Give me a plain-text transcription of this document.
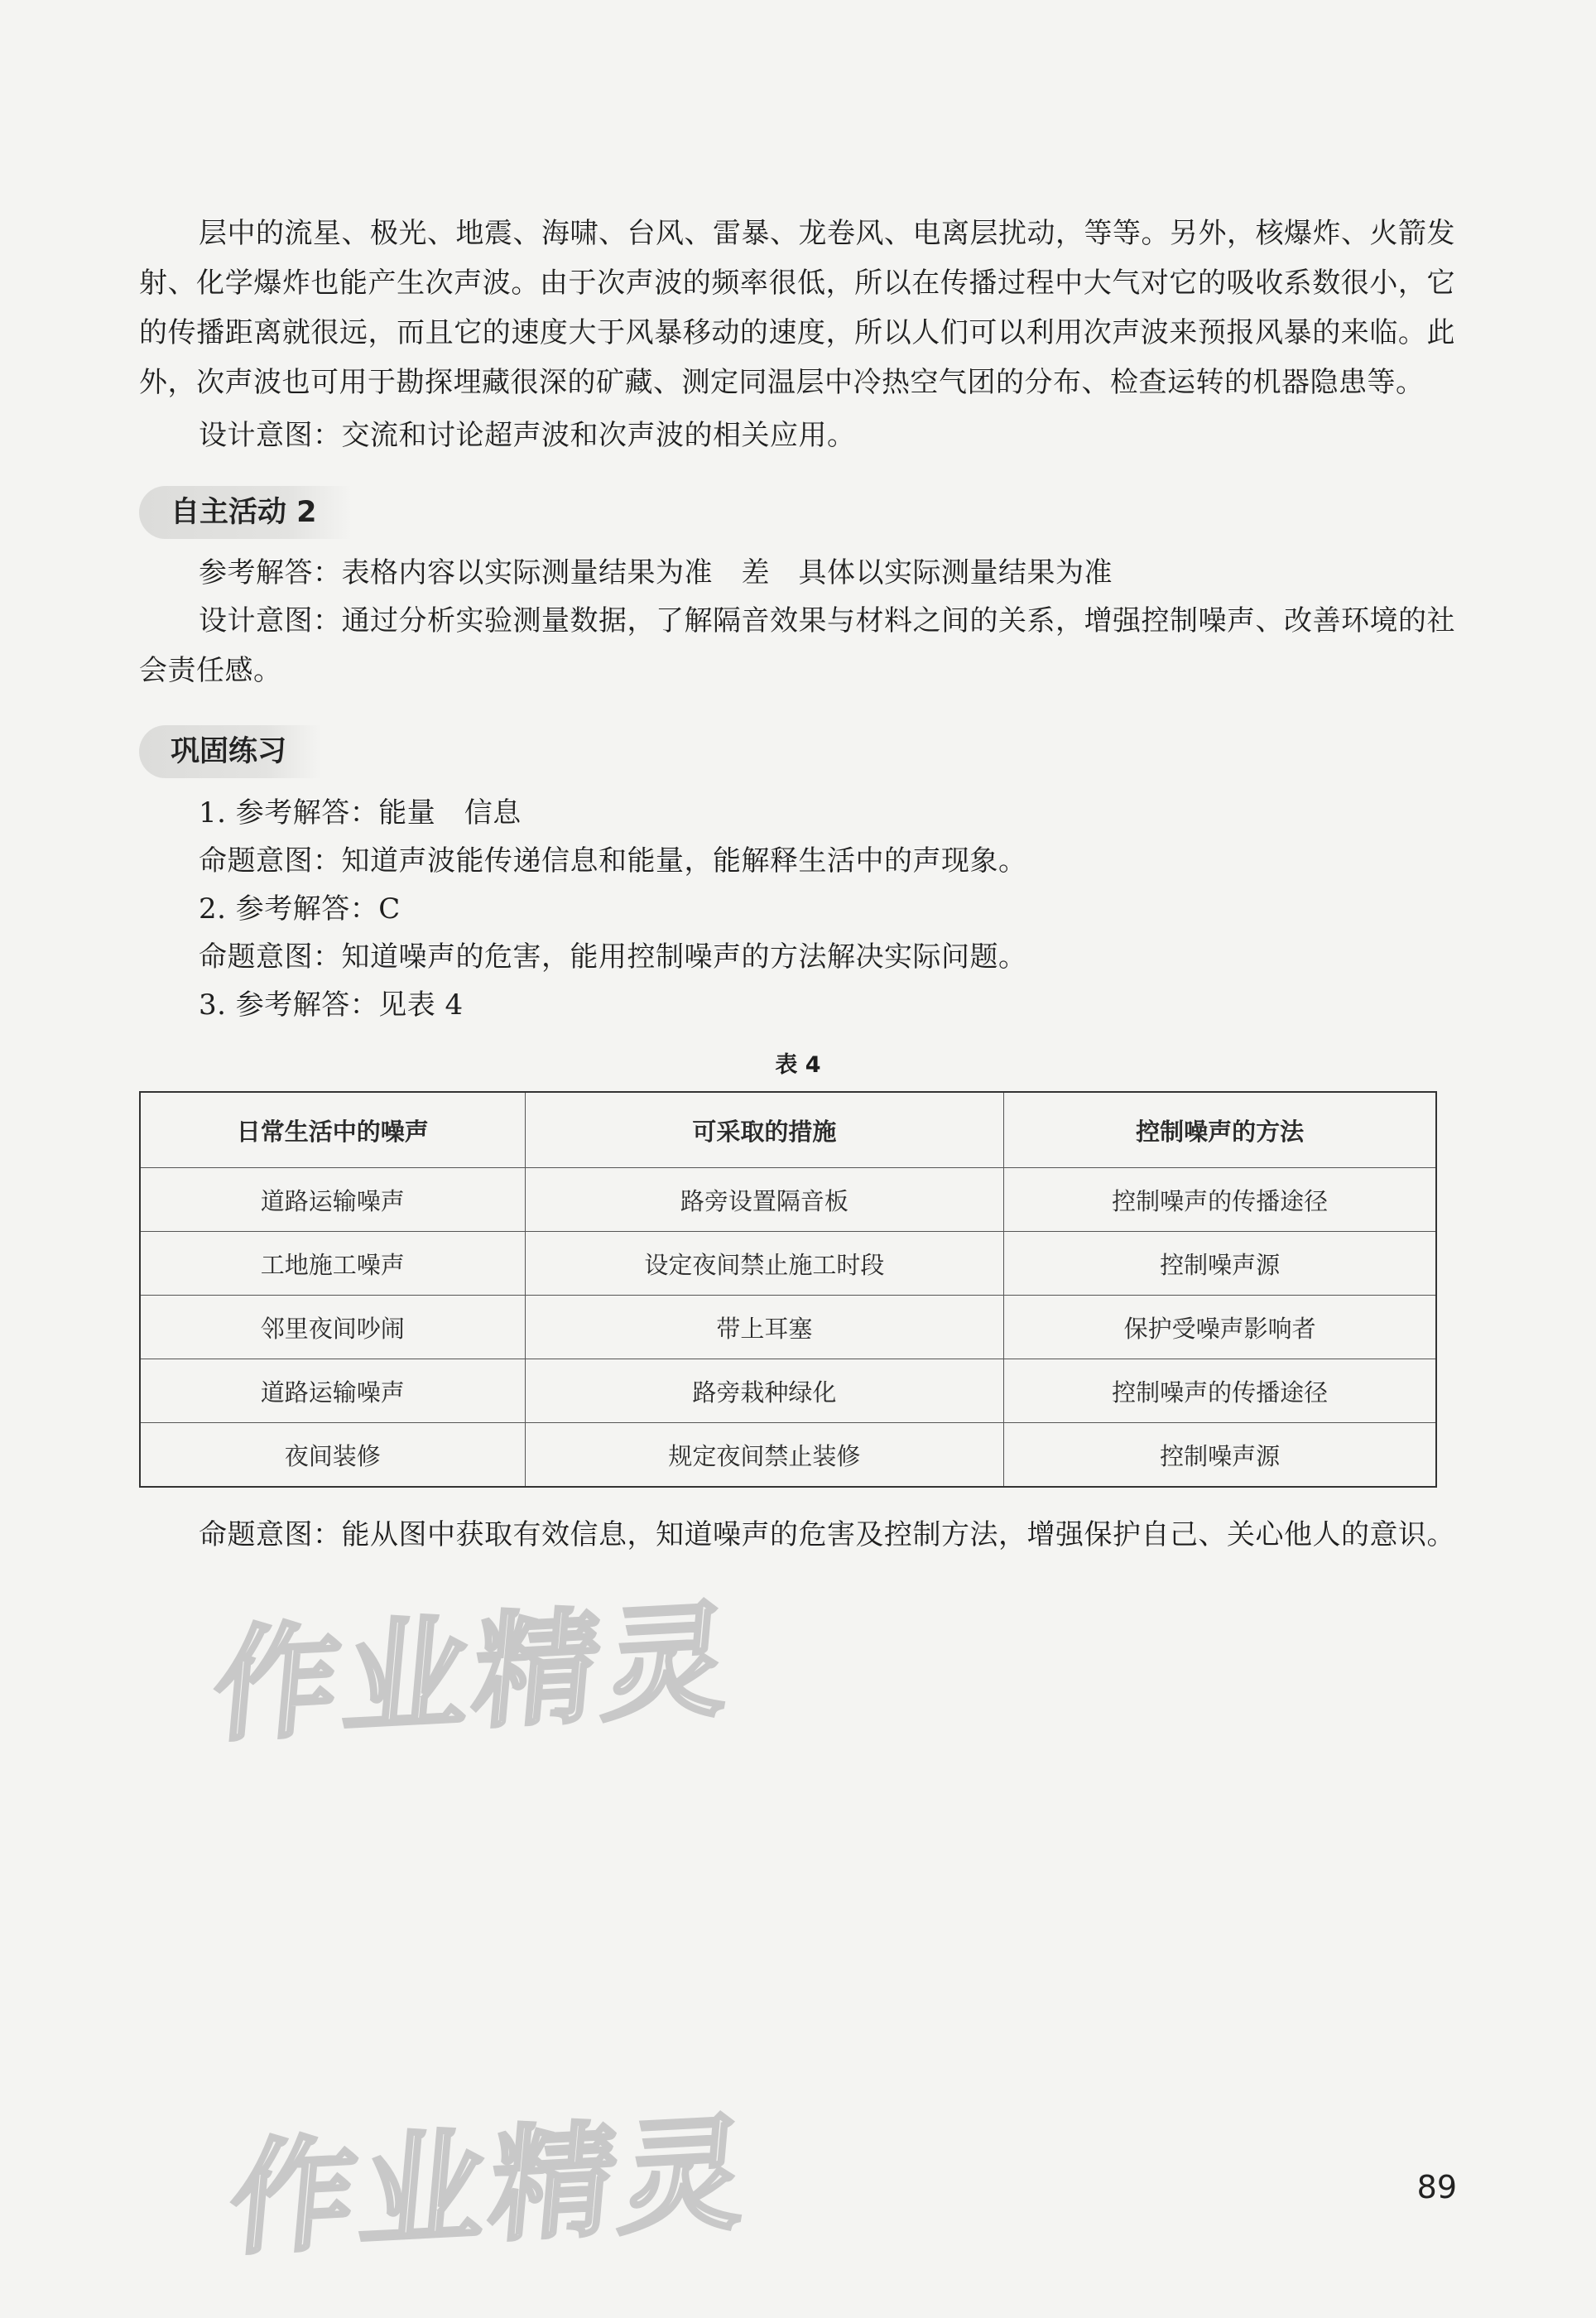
层中的流星、极光、地震、海啸、台风、雷暴、龙卷风、电离层扰动，等等。另外，核爆炸、火箭发射、化学爆炸也能产生次声波。由于次声波的频率很低，所以在传播过程中大气对它的吸收系数很小，它的传播距离就很远，而且它的速度大于风暴移动的速度，所以人们可以利用次声波来预报风暴的来临。此外，次声波也可用于勘探埋藏很深的矿藏、测定同温层中冷热空气团的分布、检查运转的机器隐患等。

设计意图：交流和讨论超声波和次声波的相关应用。
自主活动 2
参考解答：表格内容以实际测量结果为准　差　具体以实际测量结果为准

设计意图：通过分析实验测量数据，了解隔音效果与材料之间的关系，增强控制噪声、改善环境的社会责任感。

巩固练习
1. 参考解答：能量　信息
命题意图：知道声波能传递信息和能量，能解释生活中的声现象。
2. 参考解答：C
命题意图：知道噪声的危害，能用控制噪声的方法解决实际问题。
3. 参考解答：见表 4
表 4
日常生活中的噪声	可采取的措施	控制噪声的方法
道路运输噪声	路旁设置隔音板	控制噪声的传播途径
工地施工噪声	设定夜间禁止施工时段	控制噪声源
邻里夜间吵闹	带上耳塞	保护受噪声影响者
道路运输噪声	路旁栽种绿化	控制噪声的传播途径
夜间装修	规定夜间禁止装修	控制噪声源
命题意图：能从图中获取有效信息，知道噪声的危害及控制方法，增强保护自己、关心他人的意识。
作业精灵
作业精灵	89
